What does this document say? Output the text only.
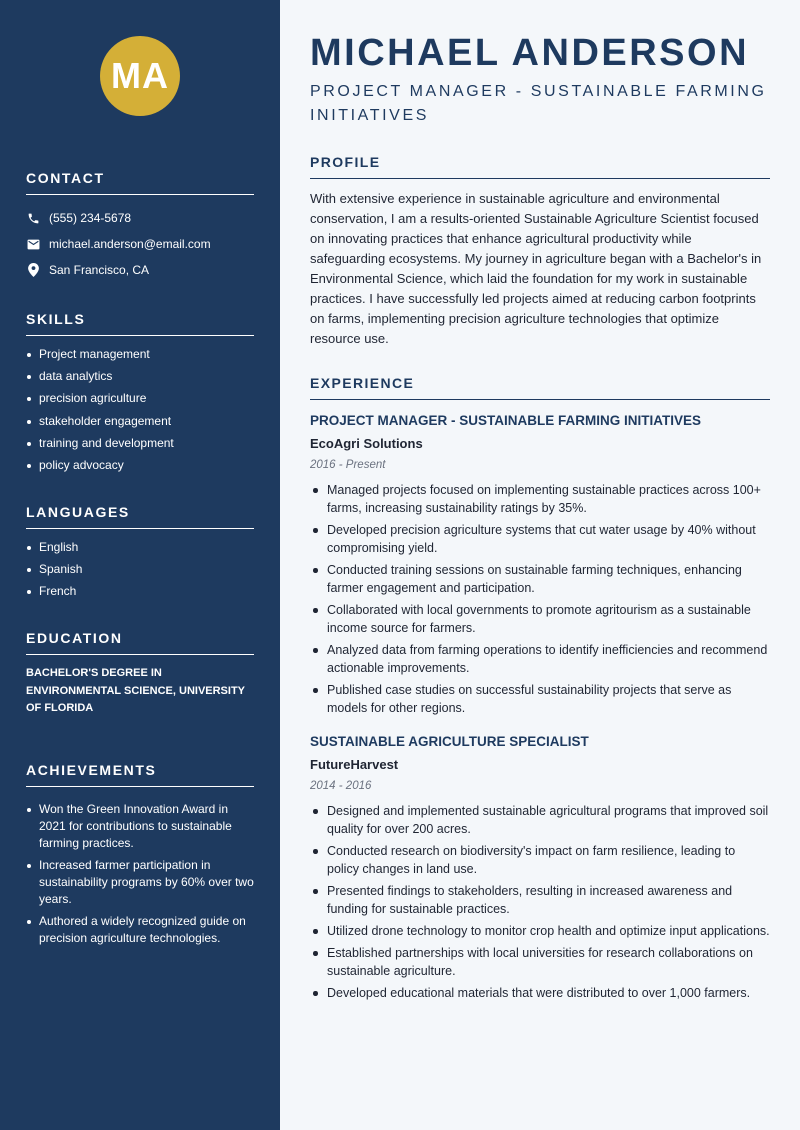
MA
CONTACT
(555) 234-5678
michael.anderson@email.com
San Francisco, CA
SKILLS
Project management
data analytics
precision agriculture
stakeholder engagement
training and development
policy advocacy
LANGUAGES
English
Spanish
French
EDUCATION
BACHELOR'S DEGREE IN ENVIRONMENTAL SCIENCE, UNIVERSITY OF FLORIDA
ACHIEVEMENTS
Won the Green Innovation Award in 2021 for contributions to sustainable farming practices.
Increased farmer participation in sustainability programs by 60% over two years.
Authored a widely recognized guide on precision agriculture technologies.
MICHAEL ANDERSON
PROJECT MANAGER - SUSTAINABLE FARMING INITIATIVES
PROFILE

With extensive experience in sustainable agriculture and environmental conservation, I am a results-oriented Sustainable Agriculture Scientist focused on innovating practices that enhance agricultural productivity while safeguarding ecosystems. My journey in agriculture began with a Bachelor's in Environmental Science, which laid the foundation for my work in sustainable practices. I have successfully led projects aimed at reducing carbon footprints on farms, implementing precision agriculture technologies that optimize resource use.

EXPERIENCE
PROJECT MANAGER - SUSTAINABLE FARMING INITIATIVES
EcoAgri Solutions
2016 - Present
Managed projects focused on implementing sustainable practices across 100+ farms, increasing sustainability ratings by 35%.
Developed precision agriculture systems that cut water usage by 40% without compromising yield.
Conducted training sessions on sustainable farming techniques, enhancing farmer engagement and participation.
Collaborated with local governments to promote agritourism as a sustainable income source for farmers.
Analyzed data from farming operations to identify inefficiencies and recommend actionable improvements.
Published case studies on successful sustainability projects that serve as models for other regions.
SUSTAINABLE AGRICULTURE SPECIALIST
FutureHarvest
2014 - 2016
Designed and implemented sustainable agricultural programs that improved soil quality for over 200 acres.
Conducted research on biodiversity's impact on farm resilience, leading to policy changes in land use.
Presented findings to stakeholders, resulting in increased awareness and funding for sustainable practices.
Utilized drone technology to monitor crop health and optimize input applications.
Established partnerships with local universities for research collaborations on sustainable agriculture.
Developed educational materials that were distributed to over 1,000 farmers.
